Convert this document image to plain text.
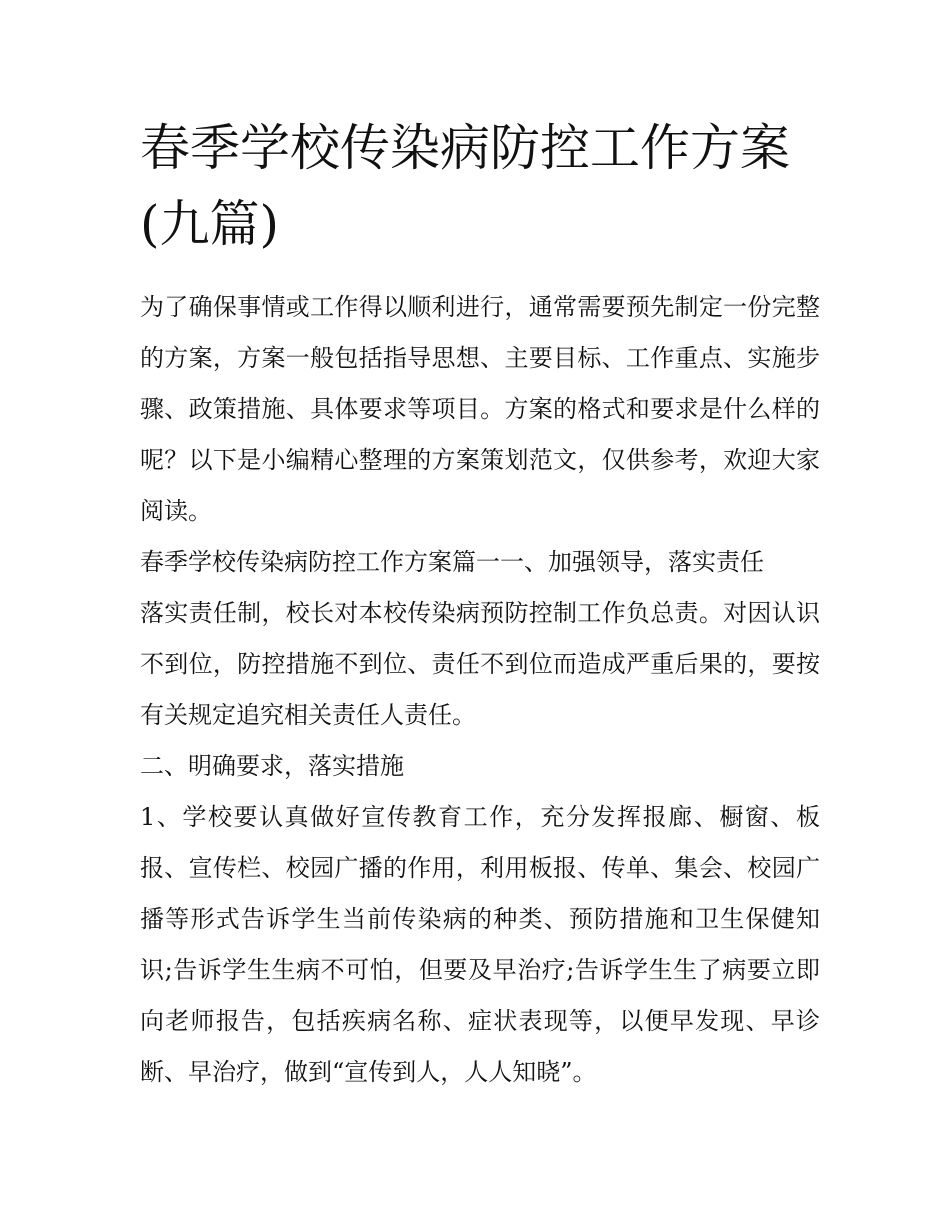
春季学校传染病防控工作方案(九篇)

为了确保事情或工作得以顺利进行，通常需要预先制定一份完整的方案，方案一般包括指导思想、主要目标、工作重点、实施步骤、政策措施、具体要求等项目。方案的格式和要求是什么样的呢？以下是小编精心整理的方案策划范文，仅供参考，欢迎大家阅读。

春季学校传染病防控工作方案篇一一、加强领导，落实责任

落实责任制，校长对本校传染病预防控制工作负总责。对因认识不到位，防控措施不到位、责任不到位而造成严重后果的，要按有关规定追究相关责任人责任。

二、明确要求，落实措施

1、学校要认真做好宣传教育工作，充分发挥报廊、橱窗、板报、宣传栏、校园广播的作用，利用板报、传单、集会、校园广播等形式告诉学生当前传染病的种类、预防措施和卫生保健知识;告诉学生生病不可怕，但要及早治疗;告诉学生生了病要立即向老师报告，包括疾病名称、症状表现等，以便早发现、早诊断、早治疗，做到“宣传到人，人人知晓”。
